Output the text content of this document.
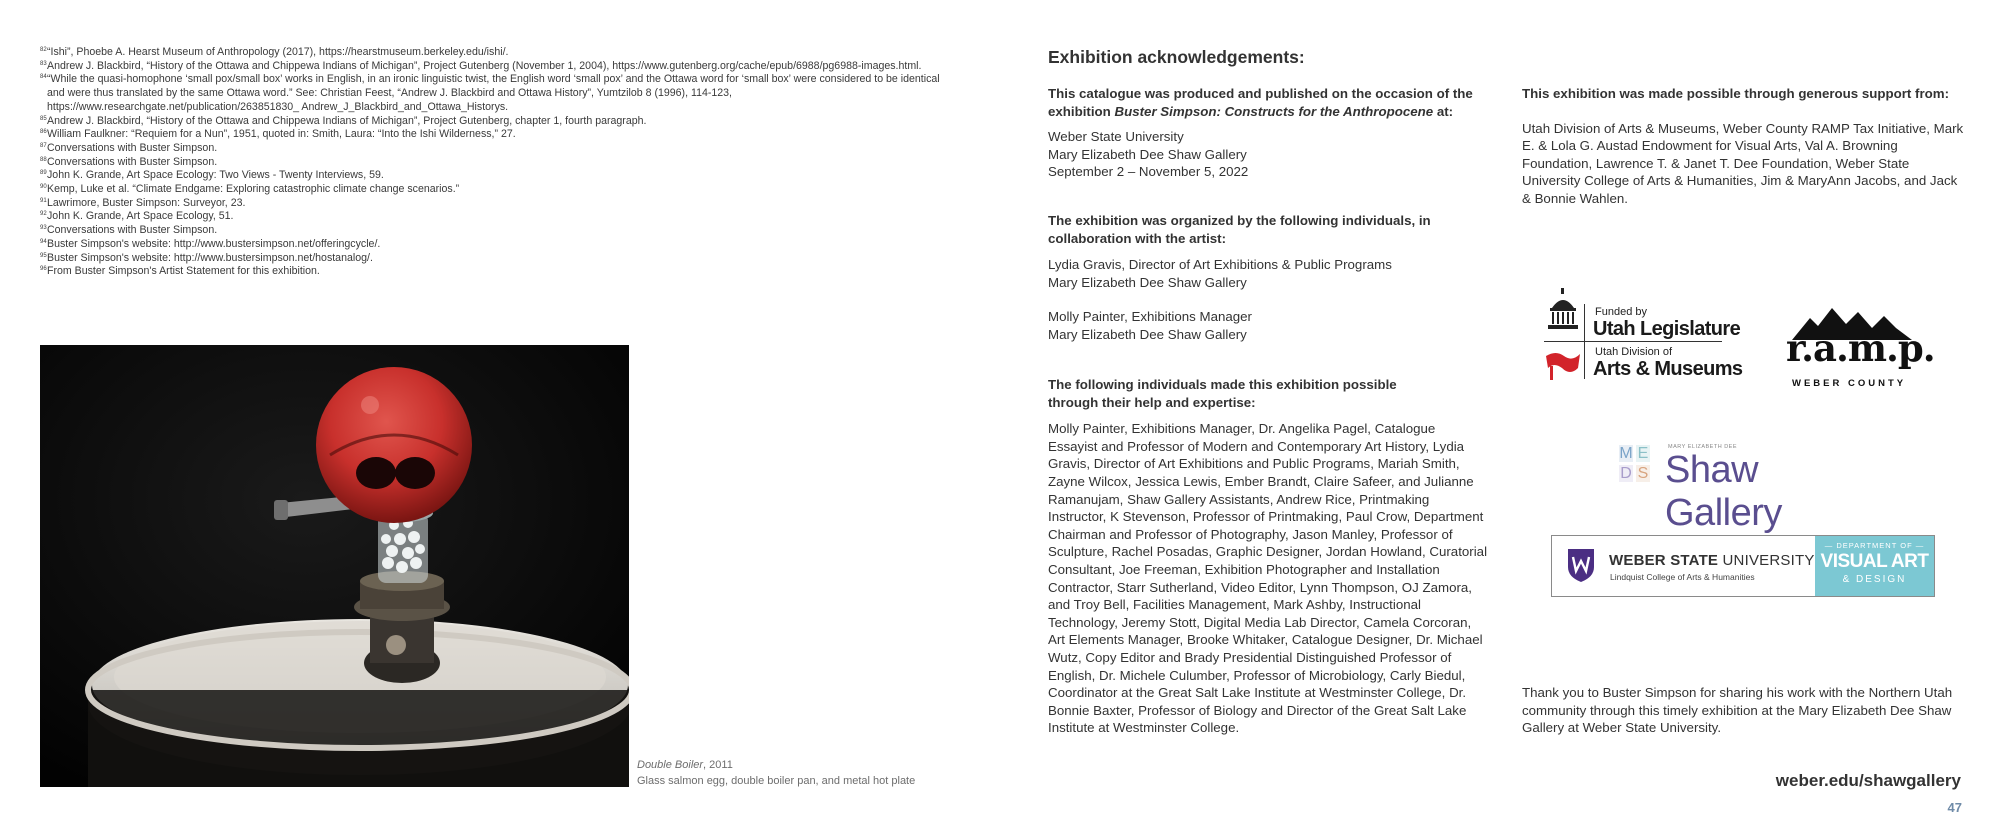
82 “Ishi”, Phoebe A. Hearst Museum of Anthropology (2017), https://hearstmuseum.berkeley.edu/ishi/.
83 Andrew J. Blackbird, “History of the Ottawa and Chippewa Indians of Michigan”, Project Gutenberg (November 1, 2004), https://www.gutenberg.org/cache/epub/6988/pg6988-images.html.
84 “While the quasi-homophone ‘small pox/small box’ works in English, in an ironic linguistic twist, the English word ‘small pox’ and the Ottawa word for ‘small box’ were considered to be identical and were thus translated by the same Ottawa word.” See: Christian Feest, “Andrew J. Blackbird and Ottawa History”, Yumtzilob 8 (1996), 114-123, https://www.researchgate.net/publication/263851830_ Andrew_J_Blackbird_and_Ottawa_Historys.
85 Andrew J. Blackbird, “History of the Ottawa and Chippewa Indians of Michigan”, Project Gutenberg, chapter 1, fourth paragraph.
86 William Faulkner: “Requiem for a Nun”, 1951, quoted in: Smith, Laura: “Into the Ishi Wilderness,” 27.
87 Conversations with Buster Simpson.
88 Conversations with Buster Simpson.
89 John K. Grande, Art Space Ecology: Two Views - Twenty Interviews, 59.
90 Kemp, Luke et al. “Climate Endgame: Exploring catastrophic climate change scenarios.”
91 Lawrimore, Buster Simpson: Surveyor, 23.
92 John K. Grande, Art Space Ecology, 51.
93 Conversations with Buster Simpson.
94 Buster Simpson's website: http://www.bustersimpson.net/offeringcycle/.
95 Buster Simpson's website: http://www.bustersimpson.net/hostanalog/.
96 From Buster Simpson's Artist Statement for this exhibition.
Double Boiler, 2011
Glass salmon egg, double boiler pan, and metal hot plate
Exhibition acknowledgements:
This catalogue was produced and published on the occasion of the exhibition Buster Simpson: Constructs for the Anthropocene at:
Weber State University
Mary Elizabeth Dee Shaw Gallery
September 2 – November 5, 2022
The exhibition was organized by the following individuals, in collaboration with the artist:
Lydia Gravis, Director of Art Exhibitions & Public Programs
Mary Elizabeth Dee Shaw Gallery
Molly Painter, Exhibitions Manager
Mary Elizabeth Dee Shaw Gallery
The following individuals made this exhibition possible through their help and expertise:
Molly Painter, Exhibitions Manager, Dr. Angelika Pagel, Catalogue Essayist and Professor of Modern and Contemporary Art History, Lydia Gravis, Director of Art Exhibitions and Public Programs, Mariah Smith, Zayne Wilcox, Jessica Lewis, Ember Brandt, Claire Safeer, and Julianne Ramanujam, Shaw Gallery Assistants, Andrew Rice, Printmaking Instructor, K Stevenson, Professor of Printmaking, Paul Crow, Department Chairman and Professor of Photography, Jason Manley, Professor of Sculpture, Rachel Posadas, Graphic Designer, Jordan Howland, Curatorial Consultant, Joe Freeman, Exhibition Photographer and Installation Contractor, Starr Sutherland, Video Editor, Lynn Thompson, OJ Zamora, and Troy Bell, Facilities Management, Mark Ashby, Instructional Technology, Jeremy Stott, Digital Media Lab Director, Camela Corcoran, Art Elements Manager, Brooke Whitaker, Catalogue Designer, Dr. Michael Wutz, Copy Editor and Brady Presidential Distinguished Professor of English, Dr. Michele Culumber, Professor of Microbiology, Carly Biedul, Coordinator at the Great Salt Lake Institute at Westminster College, Dr. Bonnie Baxter, Professor of Biology and Director of the Great Salt Lake Institute at Westminster College.
This exhibition was made possible through generous support from:
Utah Division of Arts & Museums, Weber County RAMP Tax Initiative, Mark E. & Lola G. Austad Endowment for Visual Arts, Val A. Browning Foundation, Lawrence T. & Janet T. Dee Foundation, Weber State University College of Arts & Humanities, Jim & MaryAnn Jacobs, and Jack & Bonnie Wahlen.
Funded by
Utah Legislature
Utah Division of
Arts & Museums r.a.m.p.
WEBER COUNTY
M E
D S
MARY ELIZABETH DEE
Shaw Gallery
WEBER STATE UNIVERSITY
Lindquist College of Arts & Humanities
— DEPARTMENT OF —
VISUAL ART
& DESIGN
Thank you to Buster Simpson for sharing his work with the Northern Utah community through this timely exhibition at the Mary Elizabeth Dee Shaw Gallery at Weber State University.
weber.edu/shawgallery
47
